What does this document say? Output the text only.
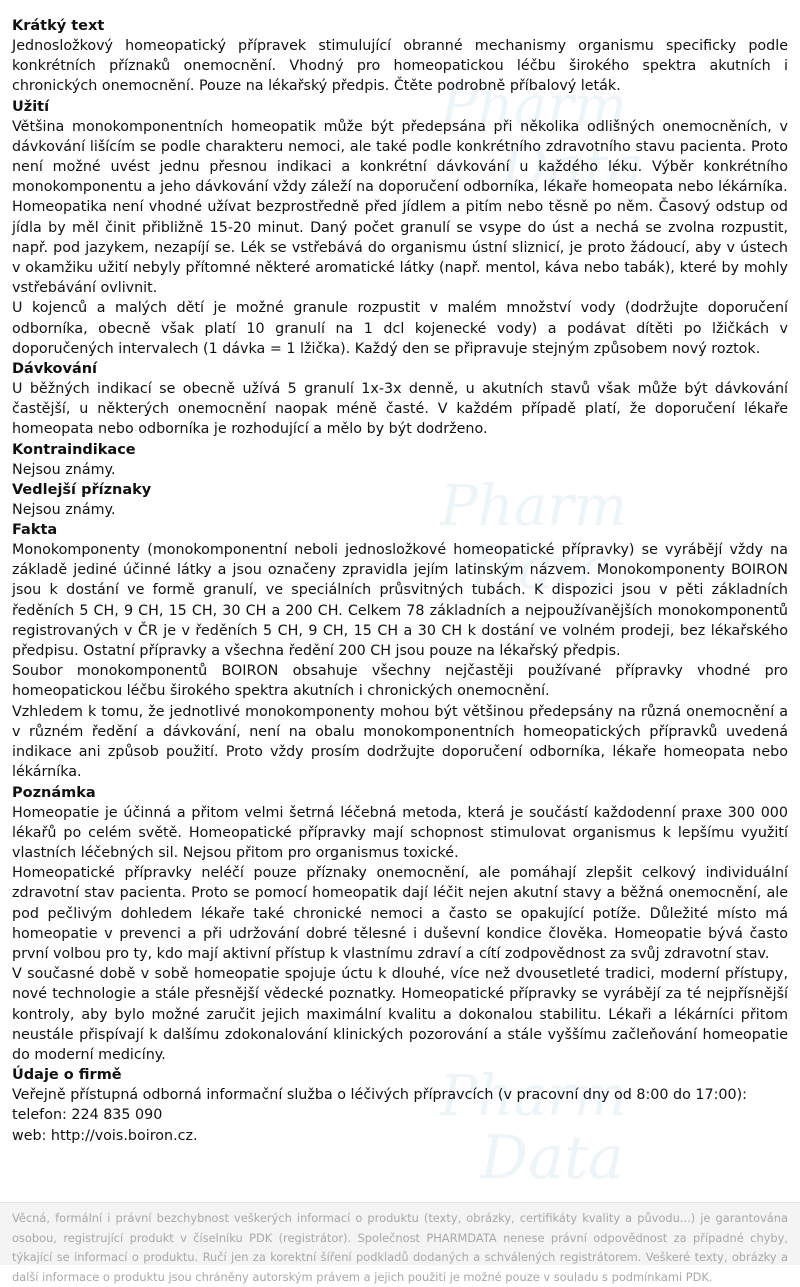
Pharm
Data
Pharm
Data
Pharm
Data
Krátký text

Jednosložkový homeopatický přípravek stimulující obranné mechanismy organismu specificky podle konkrétních příznaků onemocnění. Vhodný pro homeopatickou léčbu širokého spektra akutních i chronických onemocnění. Pouze na lékařský předpis. Čtěte podrobně příbalový leták.

Užití

Většina monokomponentních homeopatik může být předepsána při několika odlišných onemocněních, v dávkování lišícím se podle charakteru nemoci, ale také podle konkrétního zdravotního stavu pacienta. Proto není možné uvést jednu přesnou indikaci a konkrétní dávkování u každého léku. Výběr konkrétního monokomponentu a jeho dávkování vždy záleží na doporučení odborníka, lékaře homeopata nebo lékárníka.

Homeopatika není vhodné užívat bezprostředně před jídlem a pitím nebo těsně po něm. Časový odstup od jídla by měl činit přibližně 15-20 minut. Daný počet granulí se vsype do úst a nechá se zvolna rozpustit, např. pod jazykem, nezapíjí se. Lék se vstřebává do organismu ústní sliznicí, je proto žádoucí, aby v ústech v okamžiku užití nebyly přítomné některé aromatické látky (např. mentol, káva nebo tabák), které by mohly vstřebávání ovlivnit.

U kojenců a malých dětí je možné granule rozpustit v malém množství vody (dodržujte doporučení odborníka, obecně však platí 10 granulí na 1 dcl kojenecké vody) a podávat dítěti po lžičkách v doporučených intervalech (1 dávka = 1 lžička). Každý den se připravuje stejným způsobem nový roztok.

Dávkování

U běžných indikací se obecně užívá 5 granulí 1x-3x denně, u akutních stavů však může být dávkování častější, u některých onemocnění naopak méně časté. V každém případě platí, že doporučení lékaře homeopata nebo odborníka je rozhodující a mělo by být dodrženo.

Kontraindikace

Nejsou známy.

Vedlejší příznaky

Nejsou známy.

Fakta

Monokomponenty (monokomponentní neboli jednosložkové homeopatické přípravky) se vyrábějí vždy na základě jediné účinné látky a jsou označeny zpravidla jejím latinským názvem. Monokomponenty BOIRON jsou k dostání ve formě granulí, ve speciálních průsvitných tubách. K dispozici jsou v pěti základních ředěních 5 CH, 9 CH, 15 CH, 30 CH a 200 CH. Celkem 78 základních a nejpoužívanějších monokomponentů registrovaných v ČR je v ředěních 5 CH, 9 CH, 15 CH a 30 CH k dostání ve volném prodeji, bez lékařského předpisu. Ostatní přípravky a všechna ředění 200 CH jsou pouze na lékařský předpis.

Soubor monokomponentů BOIRON obsahuje všechny nejčastěji používané přípravky vhodné pro homeopatickou léčbu širokého spektra akutních i chronických onemocnění.

Vzhledem k tomu, že jednotlivé monokomponenty mohou být většinou předepsány na různá onemocnění a v různém ředění a dávkování, není na obalu monokomponentních homeopatických přípravků uvedená indikace ani způsob použití. Proto vždy prosím dodržujte doporučení odborníka, lékaře homeopata nebo lékárníka.

Poznámka

Homeopatie je účinná a přitom velmi šetrná léčebná metoda, která je součástí každodenní praxe 300 000 lékařů po celém světě. Homeopatické přípravky mají schopnost stimulovat organismus k lepšímu využití vlastních léčebných sil. Nejsou přitom pro organismus toxické.

Homeopatické přípravky neléčí pouze příznaky onemocnění, ale pomáhají zlepšit celkový individuální zdravotní stav pacienta. Proto se pomocí homeopatik dají léčit nejen akutní stavy a běžná onemocnění, ale pod pečlivým dohledem lékaře také chronické nemoci a často se opakující potíže. Důležité místo má homeopatie v prevenci a při udržování dobré tělesné i duševní kondice člověka. Homeopatie bývá často první volbou pro ty, kdo mají aktivní přístup k vlastnímu zdraví a cítí zodpovědnost za svůj zdravotní stav.

V současné době v sobě homeopatie spojuje úctu k dlouhé, více než dvousetleté tradici, moderní přístupy, nové technologie a stále přesnější vědecké poznatky. Homeopatické přípravky se vyrábějí za té nejpřísnější kontroly, aby bylo možné zaručit jejich maximální kvalitu a dokonalou stabilitu. Lékaři a lékárníci přitom neustále přispívají k dalšímu zdokonalování klinických pozorování a stále vyššímu začleňování homeopatie do moderní medicíny.

Údaje o firmě

Veřejně přístupná odborná informační služba o léčivých přípravcích (v pracovní dny od 8:00 do 17:00):

telefon: 224 835 090

web: http://vois.boiron.cz.

Věcná, formální i právní bezchybnost veškerých informací o produktu (texty, obrázky, certifikáty kvality a původu...) je garantována osobou, registrující produkt v číselníku PDK (registrátor). Společnost PHARMDATA nenese právní odpovědnost za případné chyby, týkající se informací o produktu. Ručí jen za korektní šíření podkladů dodaných a schválených registrátorem. Veškeré texty, obrázky a další informace o produktu jsou chráněny autorským právem a jejich použití je možné pouze v souladu s podmínkami PDK.
